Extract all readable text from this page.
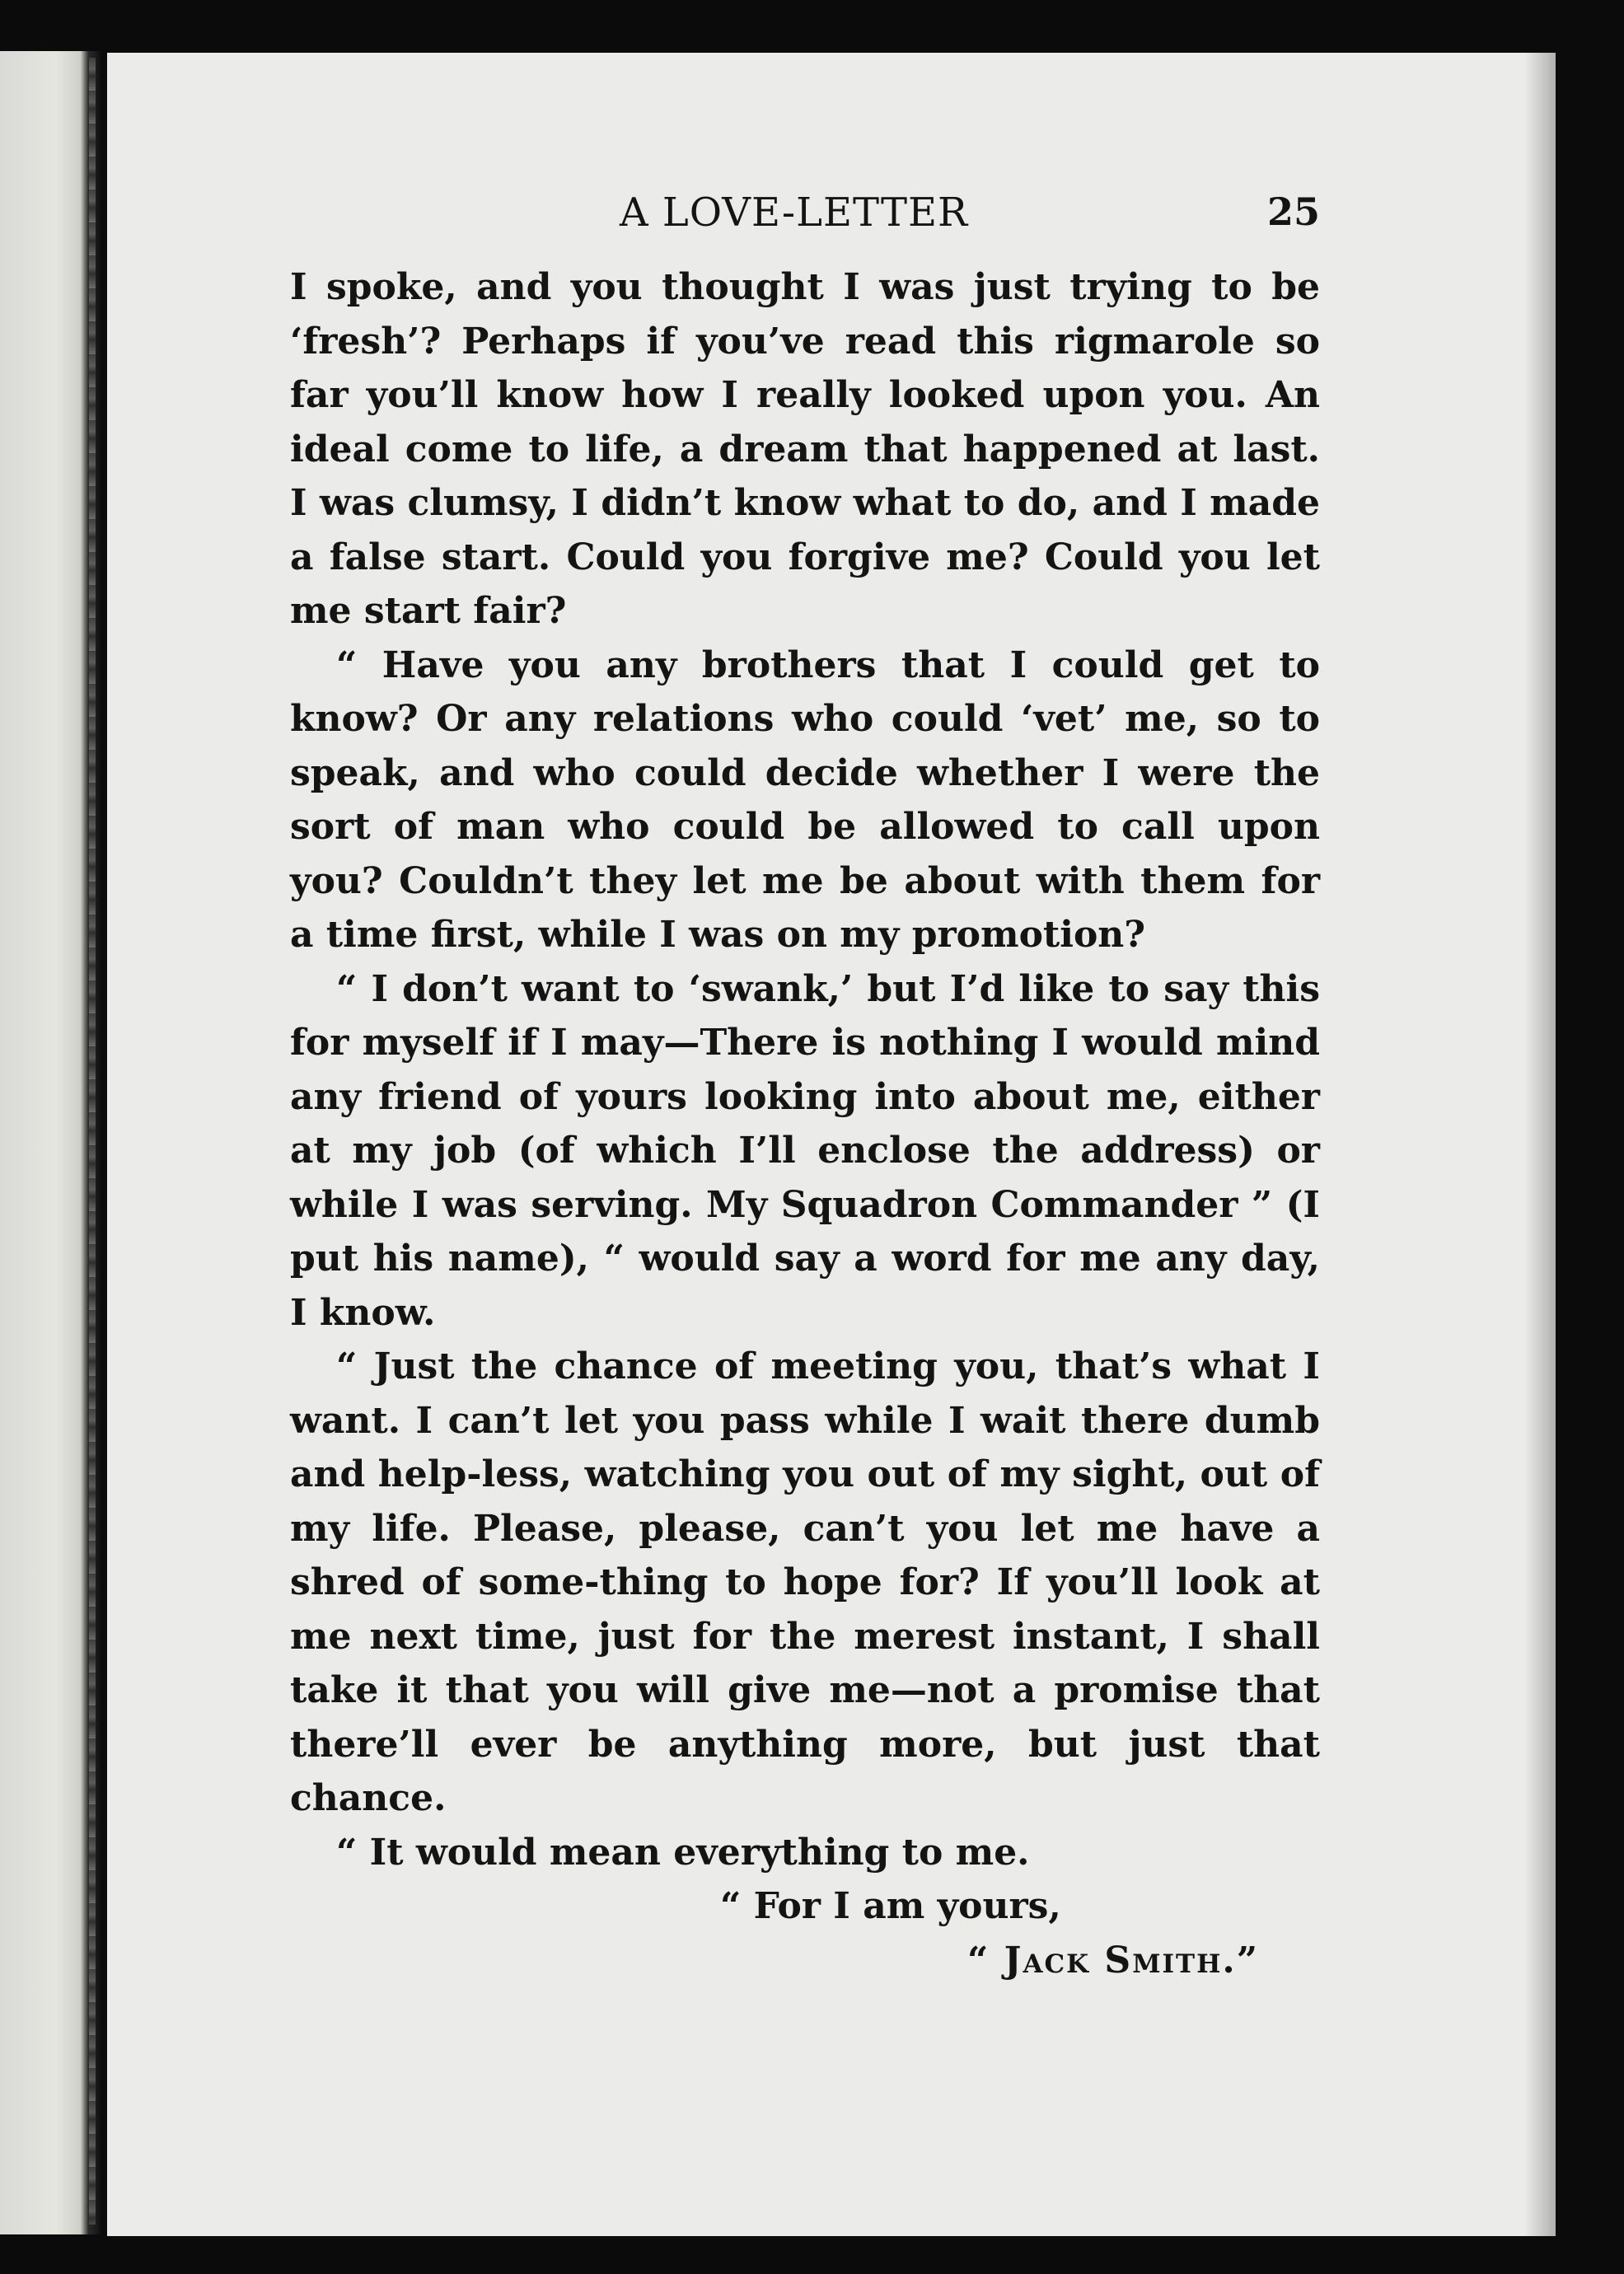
A LOVE-LETTER	25

I spoke, and you thought I was just trying to be ‘fresh’? Perhaps if you’ve read this rigmarole so far you’ll know how I really looked upon you. An ideal come to life, a dream that happened at last. I was clumsy, I didn’t know what to do, and I made a false start. Could you forgive me? Could you let me start fair?

“ Have you any brothers that I could get to know? Or any relations who could ‘vet’ me, so to speak, and who could decide whether I were the sort of man who could be allowed to call upon you? Couldn’t they let me be about with them for a time first, while I was on my promotion?

“ I don’t want to ‘swank,’ but I’d like to say this for myself if I may—There is nothing I would mind any friend of yours looking into about me, either at my job (of which I’ll enclose the address) or while I was serving. My Squadron Commander ” (I put his name), “ would say a word for me any day, I know.

“ Just the chance of meeting you, that’s what I want. I can’t let you pass while I wait there dumb and help-less, watching you out of my sight, out of my life. Please, please, can’t you let me have a shred of some-thing to hope for? If you’ll look at me next time, just for the merest instant, I shall take it that you will give me—not a promise that there’ll ever be anything more, but just that chance.

“ It would mean everything to me.

“ For I am yours,
“ Jack Smith.”
